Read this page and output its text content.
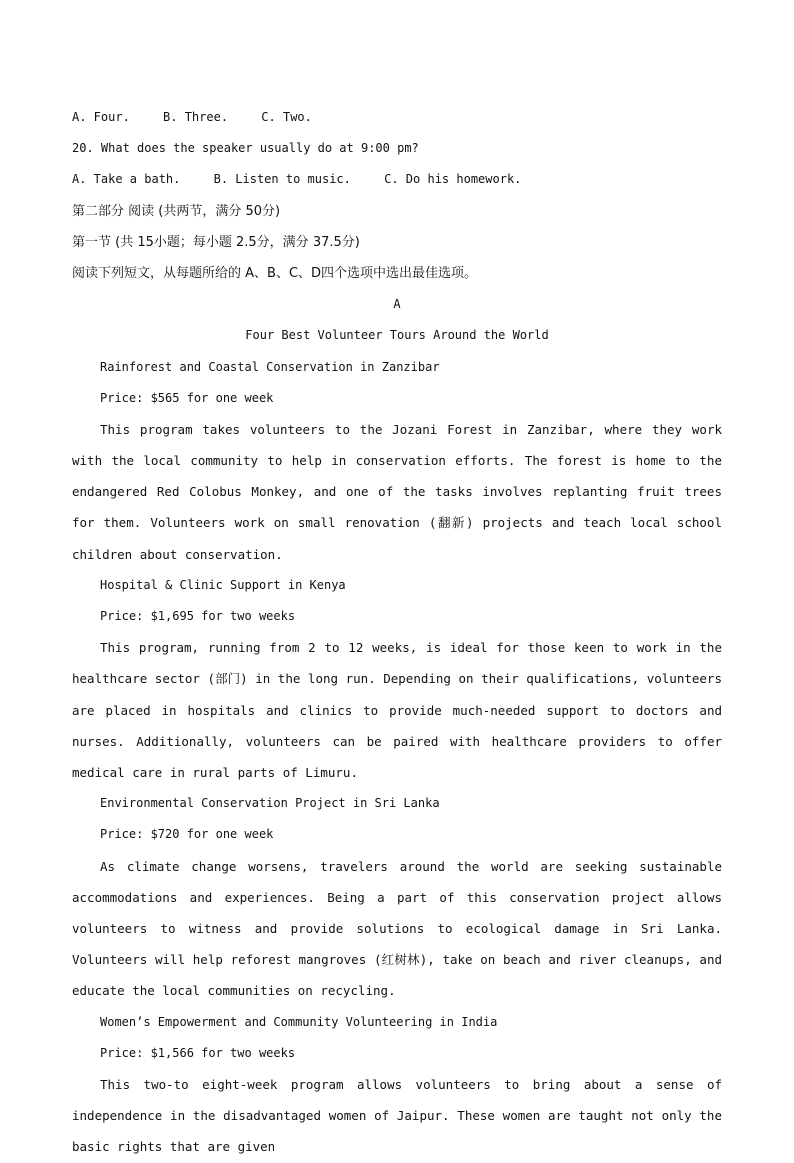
A. Four.	B. Three.	C. Two.
20. What does the speaker usually do at 9:00 pm?
A. Take a bath.	B. Listen to music.	C. Do his homework.
第二部分 阅读 (共两节，满分 50分)
第一节 (共 15小题；每小题 2.5分，满分 37.5分)
阅读下列短文，从每题所给的 A、B、C、D四个选项中选出最佳选项。
A
Four Best Volunteer Tours Around the World
Rainforest and Coastal Conservation in Zanzibar
Price: $565 for one week

This program takes volunteers to the Jozani Forest in Zanzibar, where they work with the local community to help in conservation efforts. The forest is home to the endangered Red Colobus Monkey, and one of the tasks involves replanting fruit trees for them. Volunteers work on small renovation (翻新) projects and teach local school children about conservation.

Hospital & Clinic Support in Kenya
Price: $1,695 for two weeks

This program, running from 2 to 12 weeks, is ideal for those keen to work in the healthcare sector (部门) in the long run. Depending on their qualifications, volunteers are placed in hospitals and clinics to provide much-needed support to doctors and nurses. Additionally, volunteers can be paired with healthcare providers to offer medical care in rural parts of Limuru.

Environmental Conservation Project in Sri Lanka
Price: $720 for one week

As climate change worsens, travelers around the world are seeking sustainable accommodations and experiences. Being a part of this conservation project allows volunteers to witness and provide solutions to ecological damage in Sri Lanka. Volunteers will help reforest mangroves (红树林), take on beach and river cleanups, and educate the local communities on recycling.

Women’s Empowerment and Community Volunteering in India
Price: $1,566 for two weeks

This two-to eight-week program allows volunteers to bring about a sense of independence in the disadvantaged women of Jaipur. These women are taught not only the basic rights that are given
